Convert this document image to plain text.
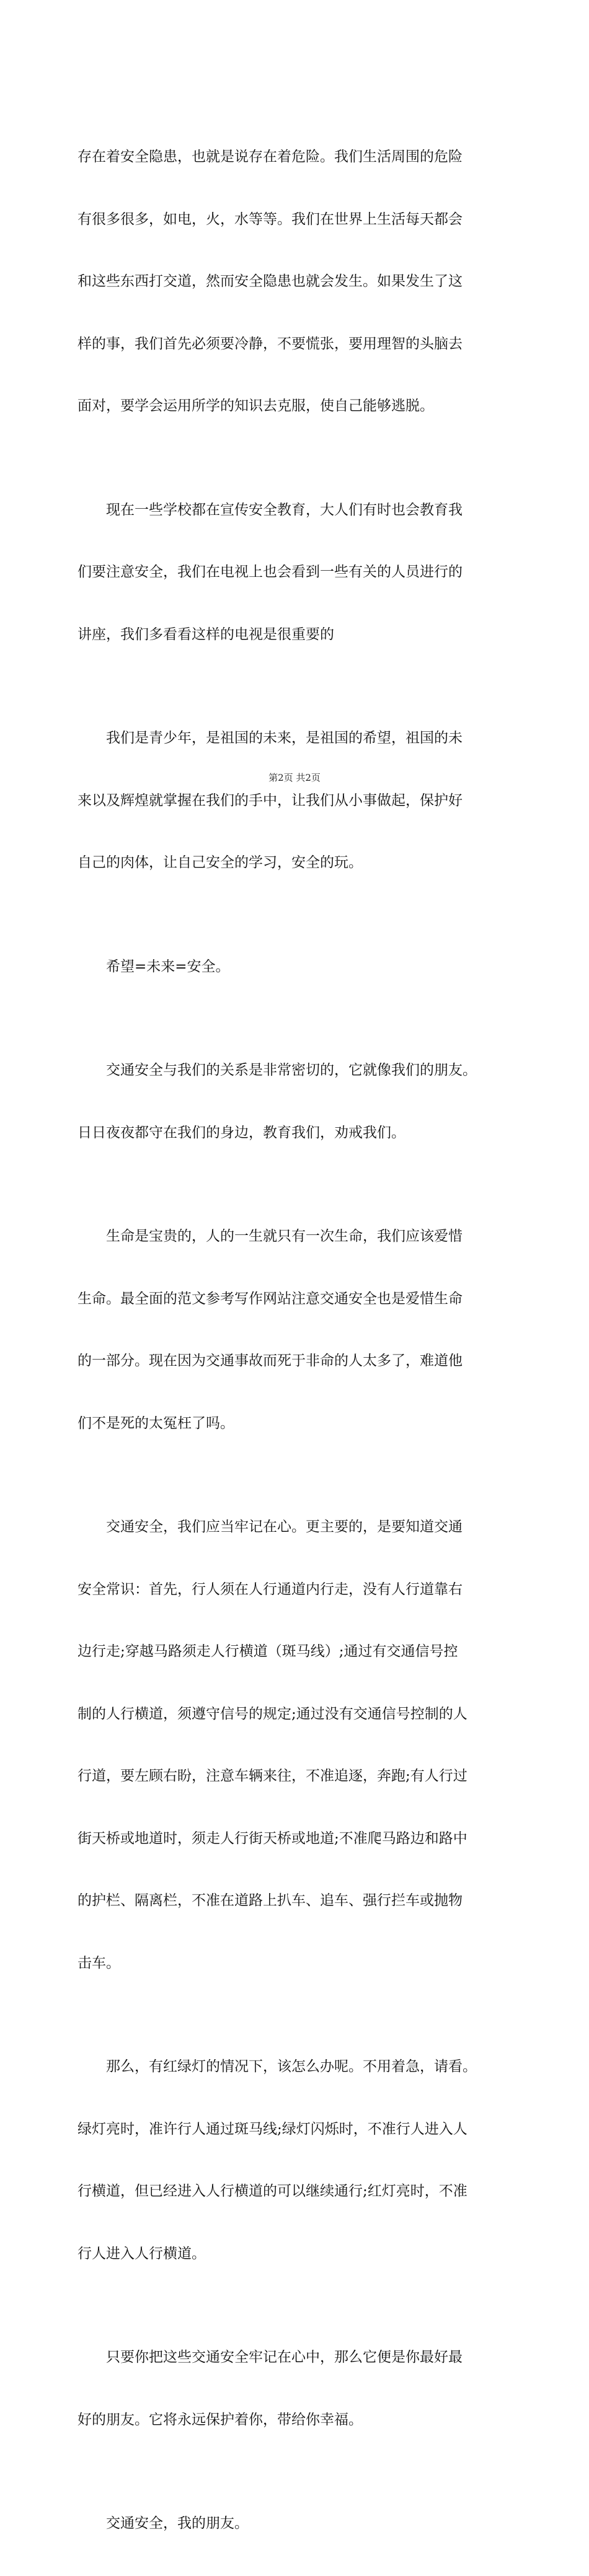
存在着安全隐患，也就是说存在着危险。我们生活周围的危险

有很多很多，如电，火，水等等。我们在世界上生活每天都会

和这些东西打交道，然而安全隐患也就会发生。如果发生了这

样的事，我们首先必须要冷静，不要慌张，要用理智的头脑去

面对，要学会运用所学的知识去克服，使自己能够逃脱。

　　现在一些学校都在宣传安全教育，大人们有时也会教育我

们要注意安全，我们在电视上也会看到一些有关的人员进行的

讲座，我们多看看这样的电视是很重要的

　　我们是青少年，是祖国的未来，是祖国的希望，祖国的未

来以及辉煌就掌握在我们的手中，让我们从小事做起，保护好

自己的肉体，让自己安全的学习，安全的玩。

　　希望=未来=安全。

　　交通安全与我们的关系是非常密切的，它就像我们的朋友。

日日夜夜都守在我们的身边，教育我们，劝戒我们。

　　生命是宝贵的，人的一生就只有一次生命，我们应该爱惜

生命。最全面的范文参考写作网站注意交通安全也是爱惜生命

的一部分。现在因为交通事故而死于非命的人太多了，难道他

们不是死的太冤枉了吗。

　　交通安全，我们应当牢记在心。更主要的，是要知道交通

安全常识：首先，行人须在人行通道内行走，没有人行道靠右

边行走;穿越马路须走人行横道（斑马线）;通过有交通信号控

制的人行横道，须遵守信号的规定;通过没有交通信号控制的人

行道，要左顾右盼，注意车辆来往，不准追逐，奔跑;有人行过

街天桥或地道时，须走人行街天桥或地道;不准爬马路边和路中

的护栏、隔离栏，不准在道路上扒车、追车、强行拦车或抛物

击车。

　　那么，有红绿灯的情况下，该怎么办呢。不用着急，请看。

绿灯亮时，准许行人通过斑马线;绿灯闪烁时，不准行人进入人

行横道，但已经进入人行横道的可以继续通行;红灯亮时，不准

行人进入人行横道。

　　只要你把这些交通安全牢记在心中，那么它便是你最好最

好的朋友。它将永远保护着你，带给你幸福。

　　交通安全，我的朋友。

第2页 共2页
